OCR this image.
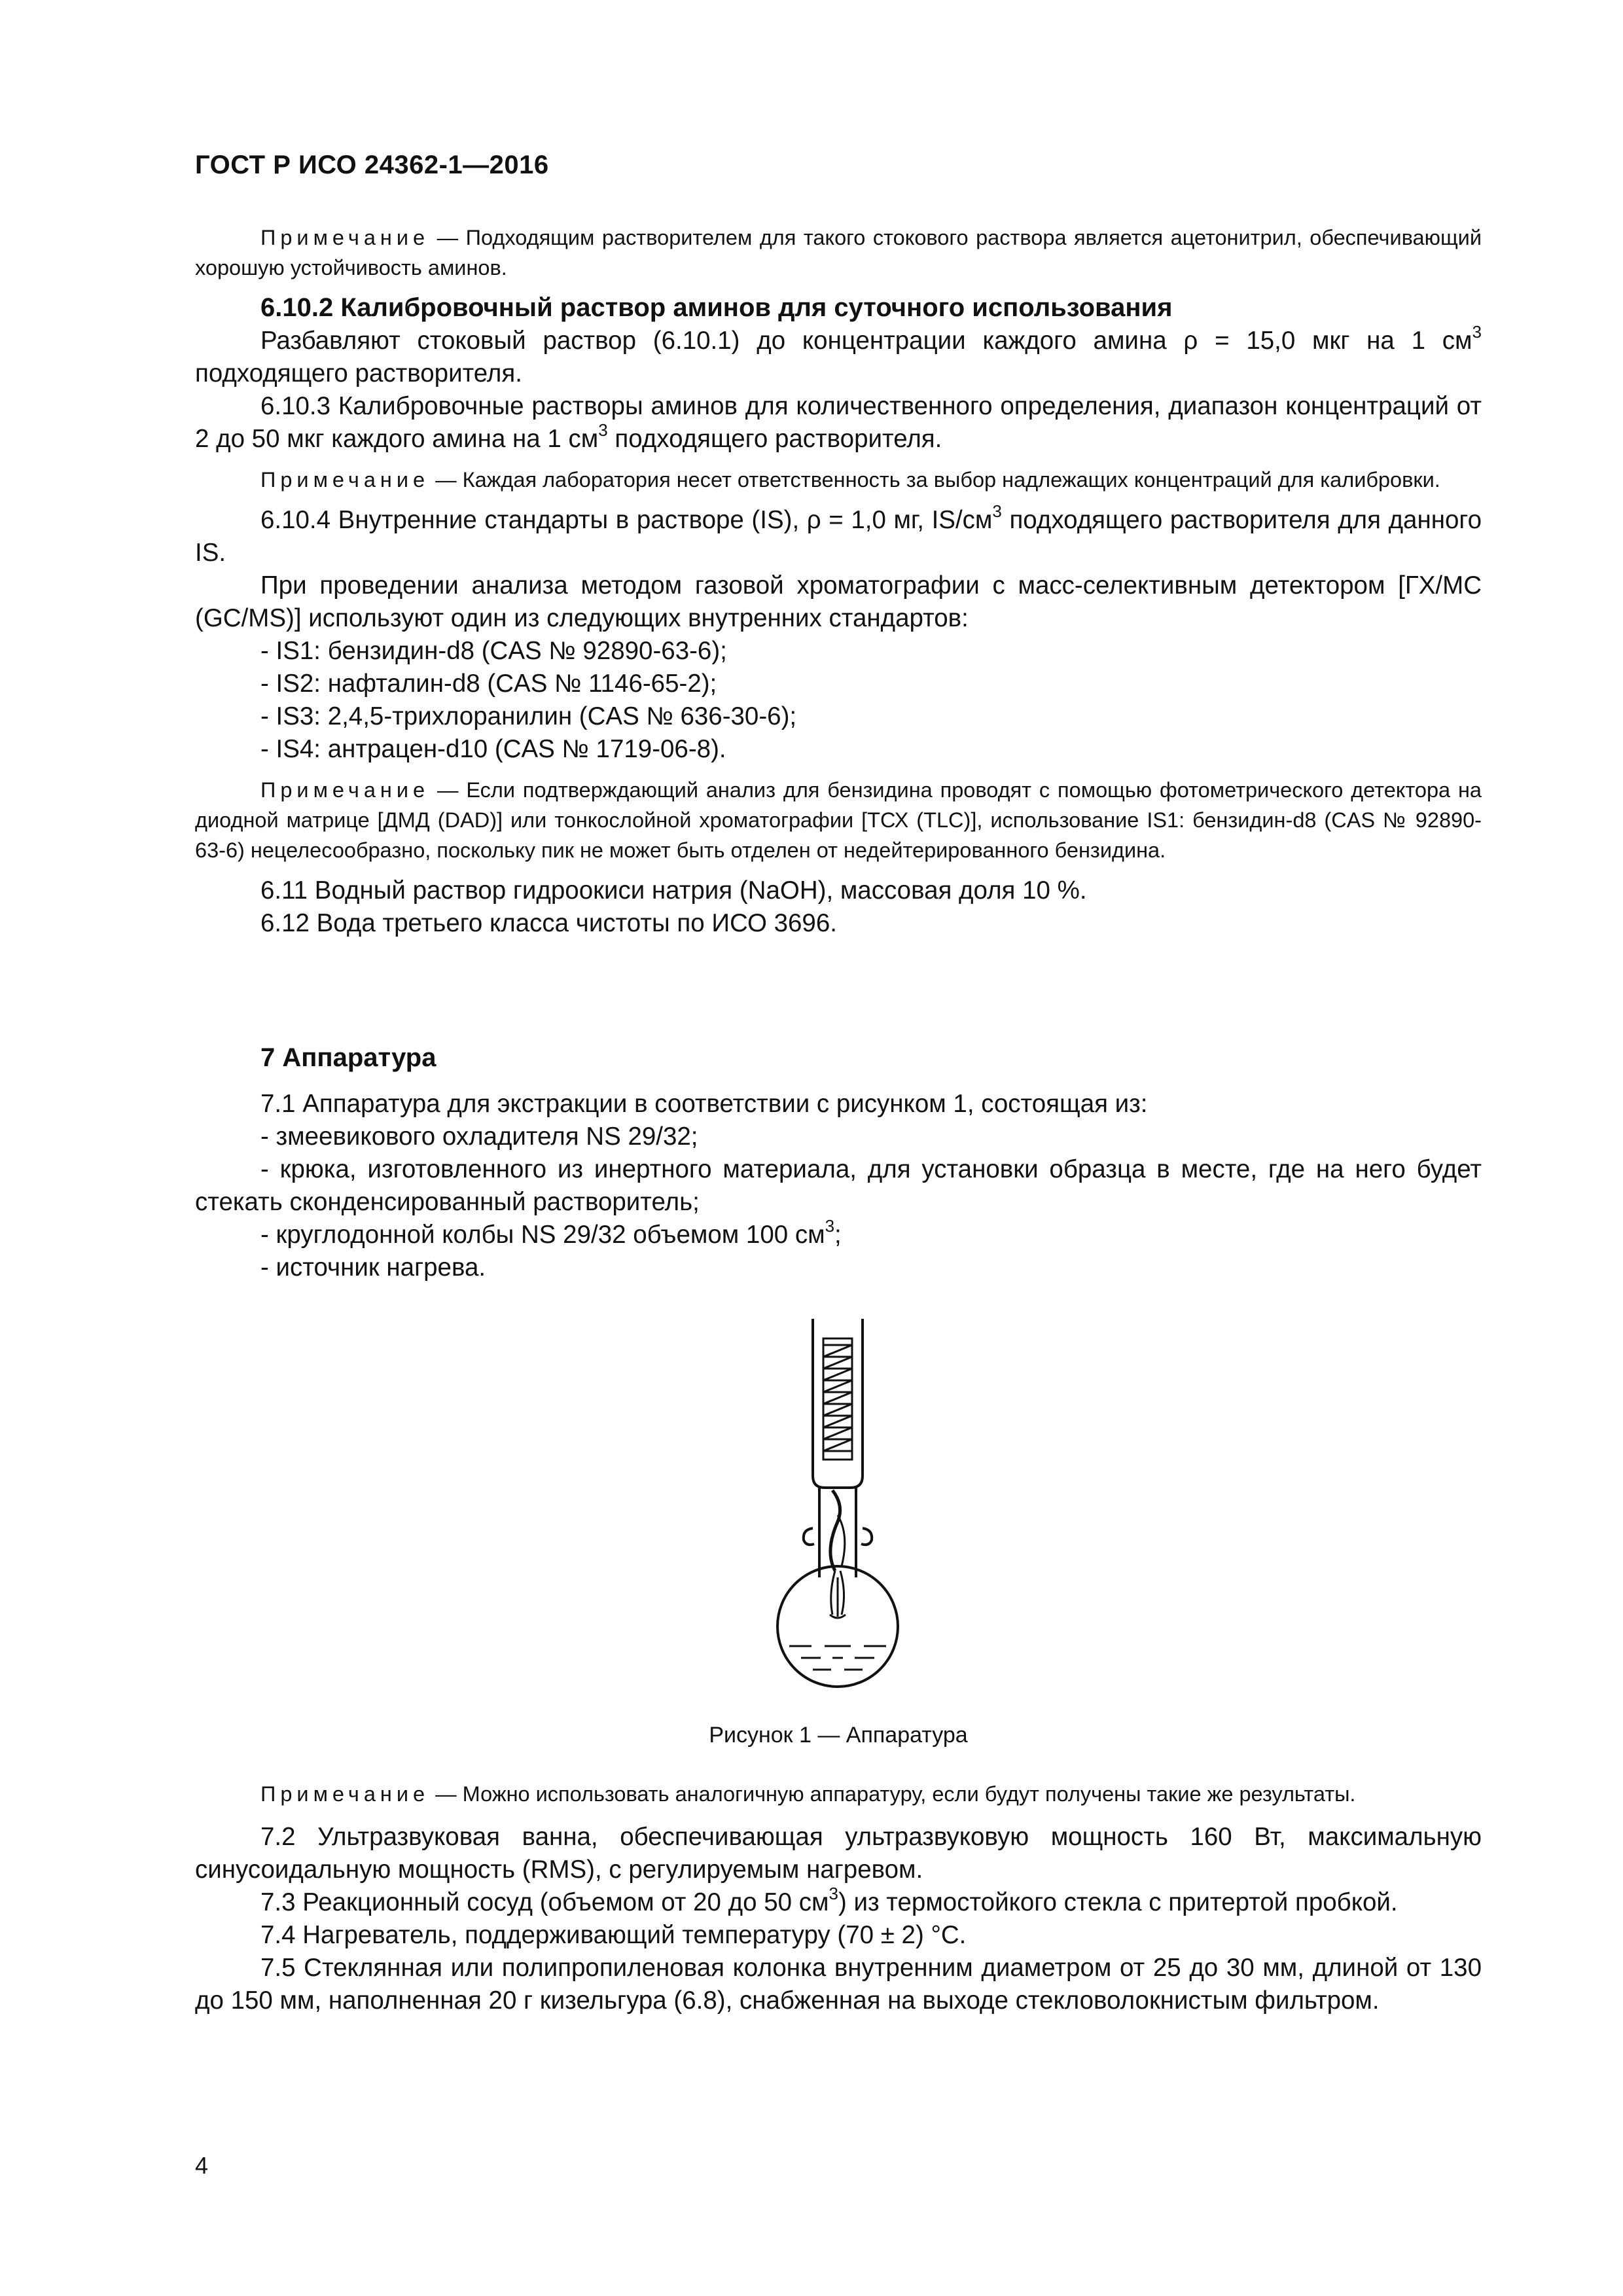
ГОСТ Р ИСО 24362-1—2016

Примечание — Подходящим растворителем для такого стокового раствора является ацетонитрил, обеспечивающий хорошую устойчивость аминов.

6.10.2 Калибровочный раствор аминов для суточного использования

Разбавляют стоковый раствор (6.10.1) до концентрации каждого амина ρ = 15,0 мкг на 1 $см^3$ подходящего растворителя.

6.10.3 Калибровочные растворы аминов для количественного определения, диапазон концентраций от 2 до 50 мкг каждого амина на 1 $см^3$ подходящего растворителя.

Примечание — Каждая лаборатория несет ответственность за выбор надлежащих концентраций для калибровки.

6.10.4 Внутренние стандарты в растворе (IS), ρ = 1,0 мг, $IS/см^3$ подходящего растворителя для данного IS.

При проведении анализа методом газовой хроматографии с масс-селективным детектором [ГХ/МС (GC/MS)] используют один из следующих внутренних стандартов:

- IS1: бензидин-d8 (CAS № 92890-63-6);

- IS2: нафталин-d8 (CAS № 1146-65-2);

- IS3: 2,4,5-трихлоранилин (CAS № 636-30-6);

- IS4: антрацен-d10 (CAS № 1719-06-8).

Примечание — Если подтверждающий анализ для бензидина проводят с помощью фотометрического детектора на диодной матрице [ДМД (DAD)] или тонкослойной хроматографии [ТСХ (TLC)], использование IS1: бензидин-d8 (CAS № 92890-63-6) нецелесообразно, поскольку пик не может быть отделен от недейтерированного бензидина.

6.11 Водный раствор гидроокиси натрия (NaOH), массовая доля 10 %.

6.12 Вода третьего класса чистоты по ИСО 3696.

7 Аппаратура

7.1 Аппаратура для экстракции в соответствии с рисунком 1, состоящая из:

- змеевикового охладителя NS 29/32;

- крюка, изготовленного из инертного материала, для установки образца в месте, где на него будет стекать сконденсированный растворитель;

- круглодонной колбы NS 29/32 объемом 100 $см^3$;

- источник нагрева.

Рисунок 1 — Аппаратура

Примечание — Можно использовать аналогичную аппаратуру, если будут получены такие же результаты.

7.2 Ультразвуковая ванна, обеспечивающая ультразвуковую мощность 160 Вт, максимальную синусоидальную мощность (RMS), с регулируемым нагревом.

7.3 Реакционный сосуд (объемом от 20 до 50 $см^3$) из термостойкого стекла с притертой пробкой.

7.4 Нагреватель, поддерживающий температуру (70 ± 2) °C.

7.5 Стеклянная или полипропиленовая колонка внутренним диаметром от 25 до 30 мм, длиной от 130 до 150 мм, наполненная 20 г кизельгура (6.8), снабженная на выходе стекловолокнистым фильтром.

4
